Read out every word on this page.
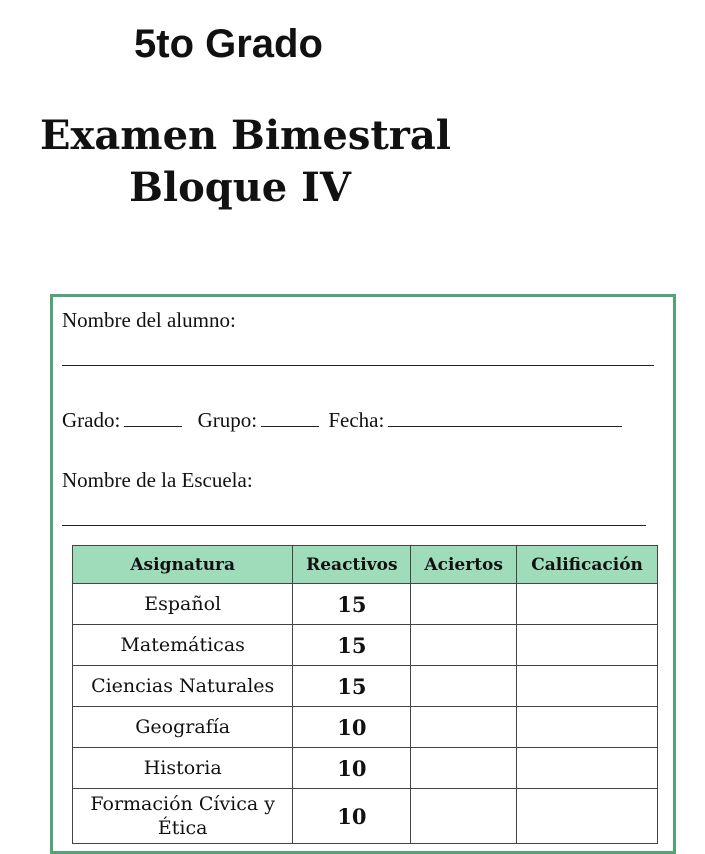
5to Grado
Examen Bimestral
Bloque IV
Nombre del alumno:
Grado:	Grupo:	Fecha:
Nombre de la Escuela:
Asignatura	Reactivos	Aciertos	Calificación
Español	15		
Matemáticas	15		
Ciencias Naturales	15		
Geografía	10		
Historia	10		
Formación Cívica y Ética	10		
